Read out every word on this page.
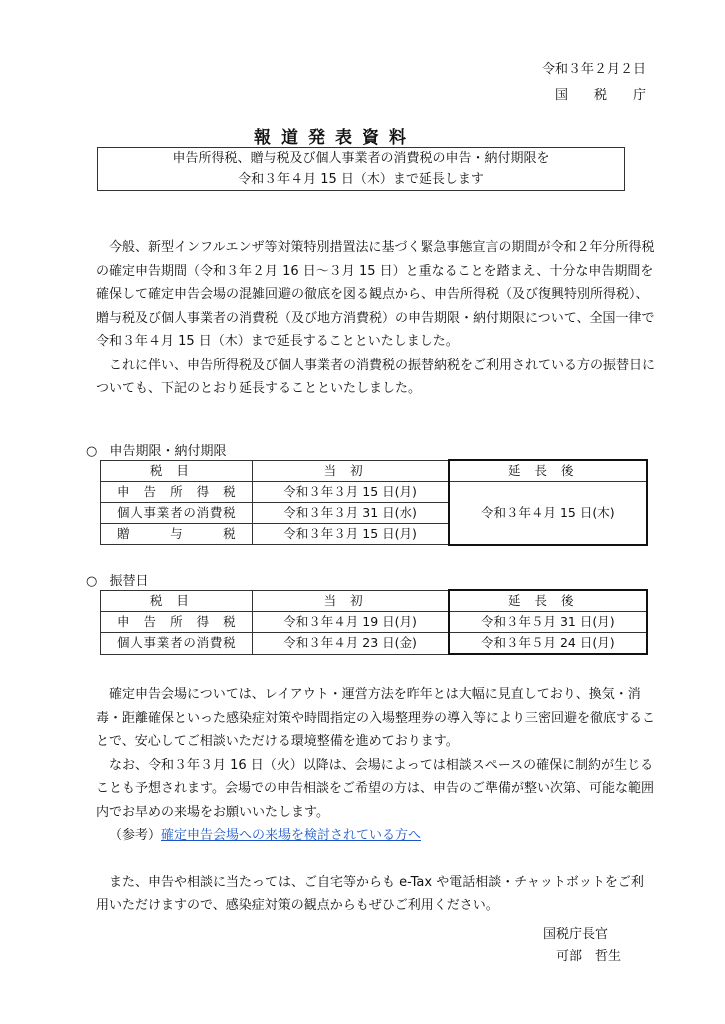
令和３年２月２日
国　　税　　庁
報道発表資料
申告所得税、贈与税及び個人事業者の消費税の申告・納付期限を
令和３年４月 15 日（木）まで延長します

今般、新型インフルエンザ等対策特別措置法に基づく緊急事態宣言の期間が令和２年分所得税の確定申告期間（令和３年２月 16 日～３月 15 日）と重なることを踏まえ、十分な申告期間を確保して確定申告会場の混雑回避の徹底を図る観点から、申告所得税（及び復興特別所得税）、贈与税及び個人事業者の消費税（及び地方消費税）の申告期限・納付期限について、全国一律で令和３年４月 15 日（木）まで延長することといたしました。

これに伴い、申告所得税及び個人事業者の消費税の振替納税をご利用されている方の振替日についても、下記のとおり延長することといたしました。

○ 申告期限・納付期限
税目	当初	延長後
申告所得税	令和３年３月 15 日(月)	令和３年４月 15 日(木)
個人事業者の消費税	令和３年３月 31 日(水)	
贈与税	令和３年３月 15 日(月)	
○ 振替日
税目	当初	延長後
申告所得税	令和３年４月 19 日(月)	令和３年５月 31 日(月)
個人事業者の消費税	令和３年４月 23 日(金)	令和３年５月 24 日(月)

確定申告会場については、レイアウト・運営方法を昨年とは大幅に見直しており、換気・消毒・距離確保といった感染症対策や時間指定の入場整理券の導入等により三密回避を徹底することで、安心してご相談いただける環境整備を進めております。

なお、令和３年３月 16 日（火）以降は、会場によっては相談スペースの確保に制約が生じることも予想されます。会場での申告相談をご希望の方は、申告のご準備が整い次第、可能な範囲内でお早めの来場をお願いいたします。

（参考）確定申告会場への来場を検討されている方へ

また、申告や相談に当たっては、ご自宅等からも e-Tax や電話相談・チャットボットをご利用いただけますので、感染症対策の観点からもぜひご利用ください。

国税庁長官
可部　哲生
